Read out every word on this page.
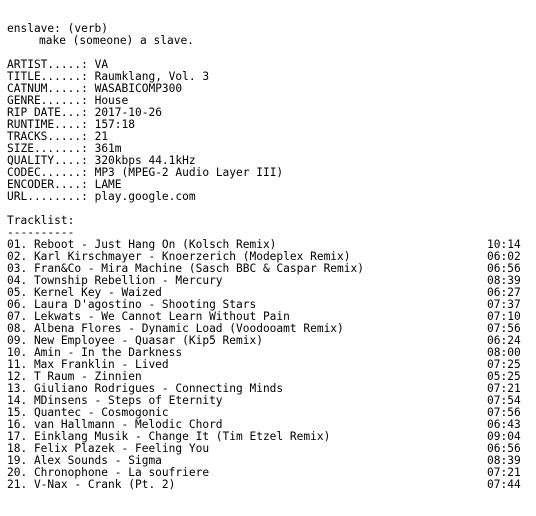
enslave: (verb)
make (someone) a slave.
ARTIST.....: VA
TITLE......: Raumklang, Vol. 3
CATNUM.....: WASABICOMP300
GENRE......: House
RIP DATE...: 2017-10-26
RUNTIME....: 157:18
TRACKS.....: 21
SIZE.......: 361m
QUALITY....: 320kbps 44.1kHz
CODEC......: MP3 (MPEG-2 Audio Layer III)
ENCODER....: LAME
URL........: play.google.com
Tracklist:
----------
01. Reboot - Just Hang On (Kolsch Remix)	10:14
02. Karl Kirschmayer - Knoerzerich (Modeplex Remix)	06:02
03. Fran&Co - Mira Machine (Sasch BBC & Caspar Remix)	06:56
04. Township Rebellion - Mercury	08:39
05. Kernel Key - Waized	06:27
06. Laura D'agostino - Shooting Stars	07:37
07. Lekwats - We Cannot Learn Without Pain	07:10
08. Albena Flores - Dynamic Load (Voodooamt Remix)	07:56
09. New Employee - Quasar (Kip5 Remix)	06:24
10. Amin - In the Darkness	08:00
11. Max Franklin - Lived	07:25
12. T Raum - Zinnien	05:25
13. Giuliano Rodrigues - Connecting Minds	07:21
14. MDinsens - Steps of Eternity	07:54
15. Quantec - Cosmogonic	07:56
16. van Hallmann - Melodic Chord	06:43
17. Einklang Musik - Change It (Tim Etzel Remix)	09:04
18. Felix Plazek - Feeling You	06:56
19. Alex Sounds - Sigma	08:39
20. Chronophone - La soufriere	07:21
21. V-Nax - Crank (Pt. 2)	07:44
